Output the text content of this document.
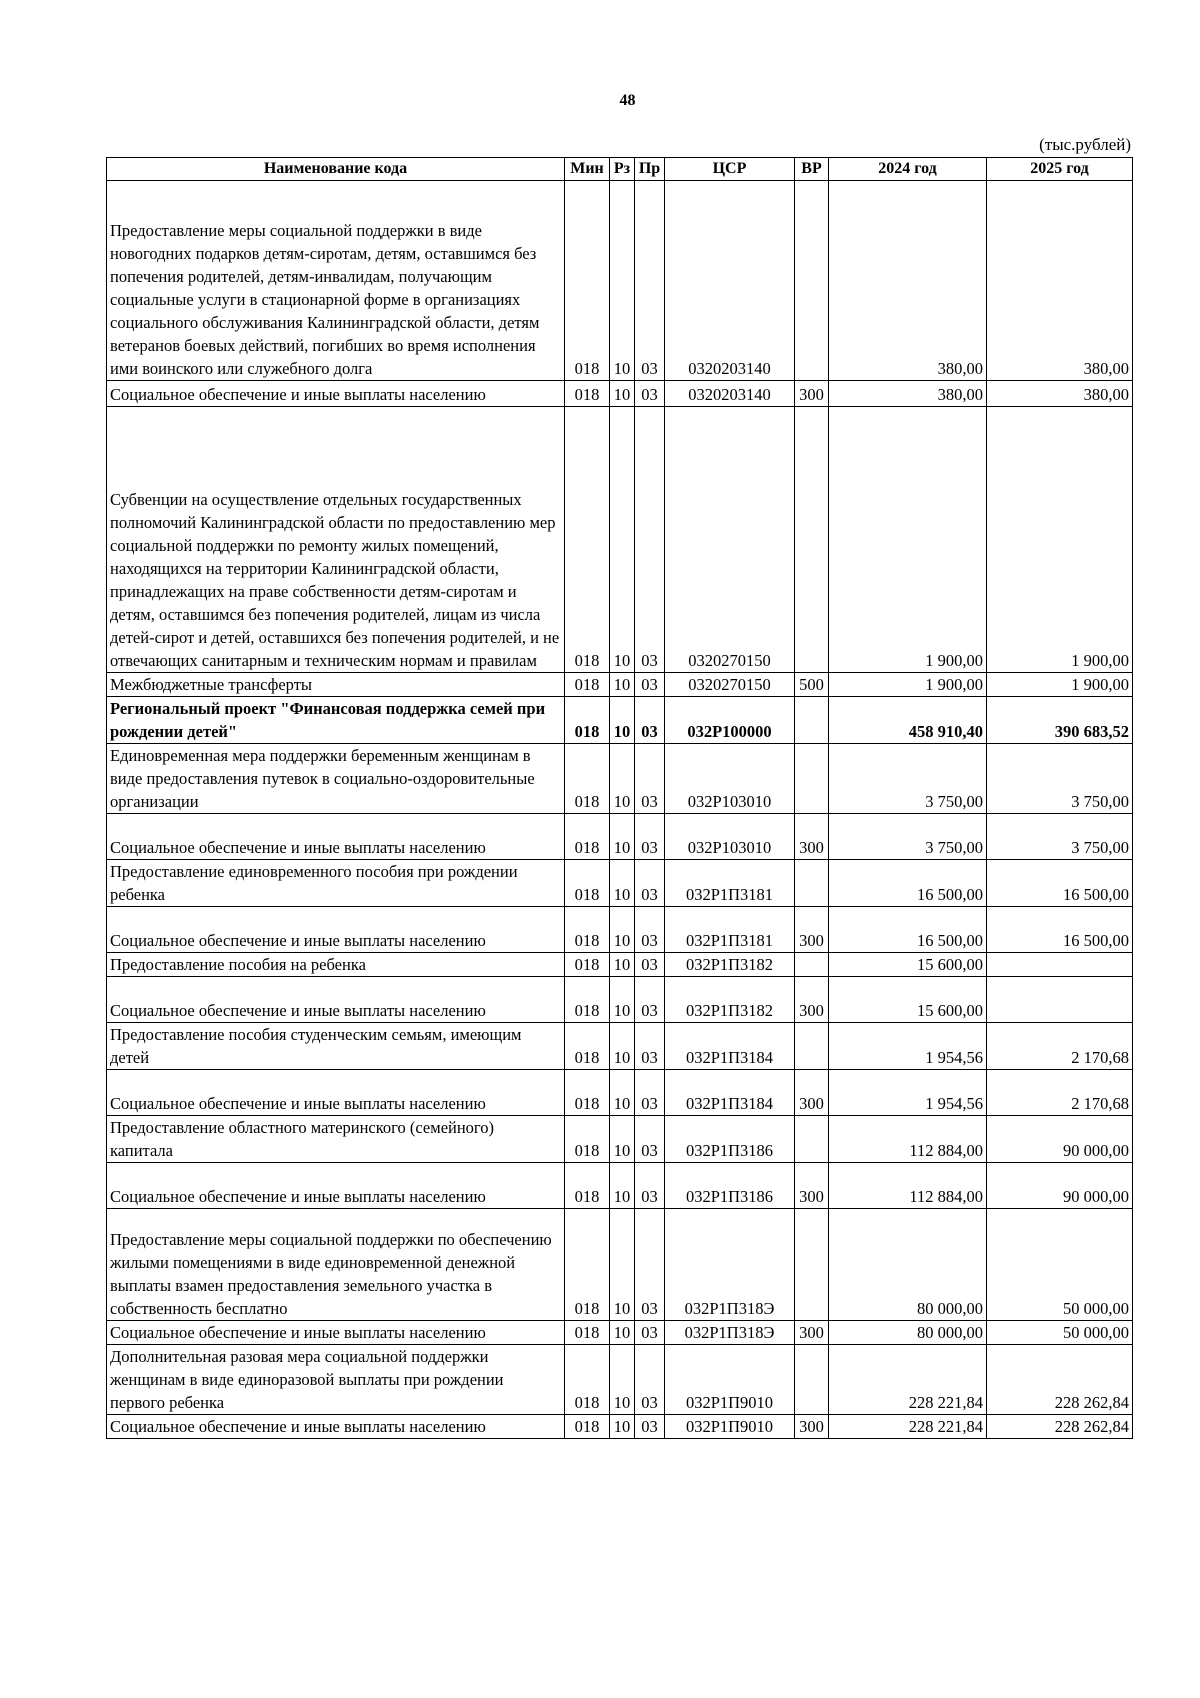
48
(тыс.рублей)
Наименование кода	Мин	Рз	Пр	ЦСР	ВР	2024 год	2025 год
Предоставление меры социальной поддержки в виде новогодних подарков детям-сиротам, детям, оставшимся без попечения родителей, детям-инвалидам, получающим социальные услуги в стационарной форме в организациях социального обслуживания Калининградской области, детям ветеранов боевых действий, погибших во время исполнения ими воинского или служебного долга	018	10	03	0320203140		380,00	380,00
Социальное обеспечение и иные выплаты населению	018	10	03	0320203140	300	380,00	380,00
Субвенции на осуществление отдельных государственных полномочий Калининградской области по предоставлению мер социальной поддержки по ремонту жилых помещений, находящихся на территории Калининградской области, принадлежащих на праве собственности детям-сиротам и детям, оставшимся без попечения родителей, лицам из числа детей-сирот и детей, оставшихся без попечения родителей, и не отвечающих санитарным и техническим нормам и правилам	018	10	03	0320270150		1 900,00	1 900,00
Межбюджетные трансферты	018	10	03	0320270150	500	1 900,00	1 900,00
Региональный проект "Финансовая поддержка семей при рождении детей"	018	10	03	032P100000		458 910,40	390 683,52
Единовременная мера поддержки беременным женщинам в виде предоставления путевок в социально-оздоровительные организации	018	10	03	032P103010		3 750,00	3 750,00
Социальное обеспечение и иные выплаты населению	018	10	03	032P103010	300	3 750,00	3 750,00
Предоставление единовременного пособия при рождении ребенка	018	10	03	032P1П3181		16 500,00	16 500,00
Социальное обеспечение и иные выплаты населению	018	10	03	032P1П3181	300	16 500,00	16 500,00
Предоставление пособия на ребенка	018	10	03	032P1П3182		15 600,00	
Социальное обеспечение и иные выплаты населению	018	10	03	032P1П3182	300	15 600,00	
Предоставление пособия студенческим семьям, имеющим детей	018	10	03	032P1П3184		1 954,56	2 170,68
Социальное обеспечение и иные выплаты населению	018	10	03	032P1П3184	300	1 954,56	2 170,68
Предоставление областного материнского (семейного) капитала	018	10	03	032P1П3186		112 884,00	90 000,00
Социальное обеспечение и иные выплаты населению	018	10	03	032P1П3186	300	112 884,00	90 000,00
Предоставление меры социальной поддержки по обеспечению жилыми помещениями в виде единовременной денежной выплаты взамен предоставления земельного участка в собственность бесплатно	018	10	03	032P1П318Э		80 000,00	50 000,00
Социальное обеспечение и иные выплаты населению	018	10	03	032P1П318Э	300	80 000,00	50 000,00
Дополнительная разовая мера социальной поддержки женщинам в виде единоразовой выплаты при рождении первого ребенка	018	10	03	032P1П9010		228 221,84	228 262,84
Социальное обеспечение и иные выплаты населению	018	10	03	032P1П9010	300	228 221,84	228 262,84
